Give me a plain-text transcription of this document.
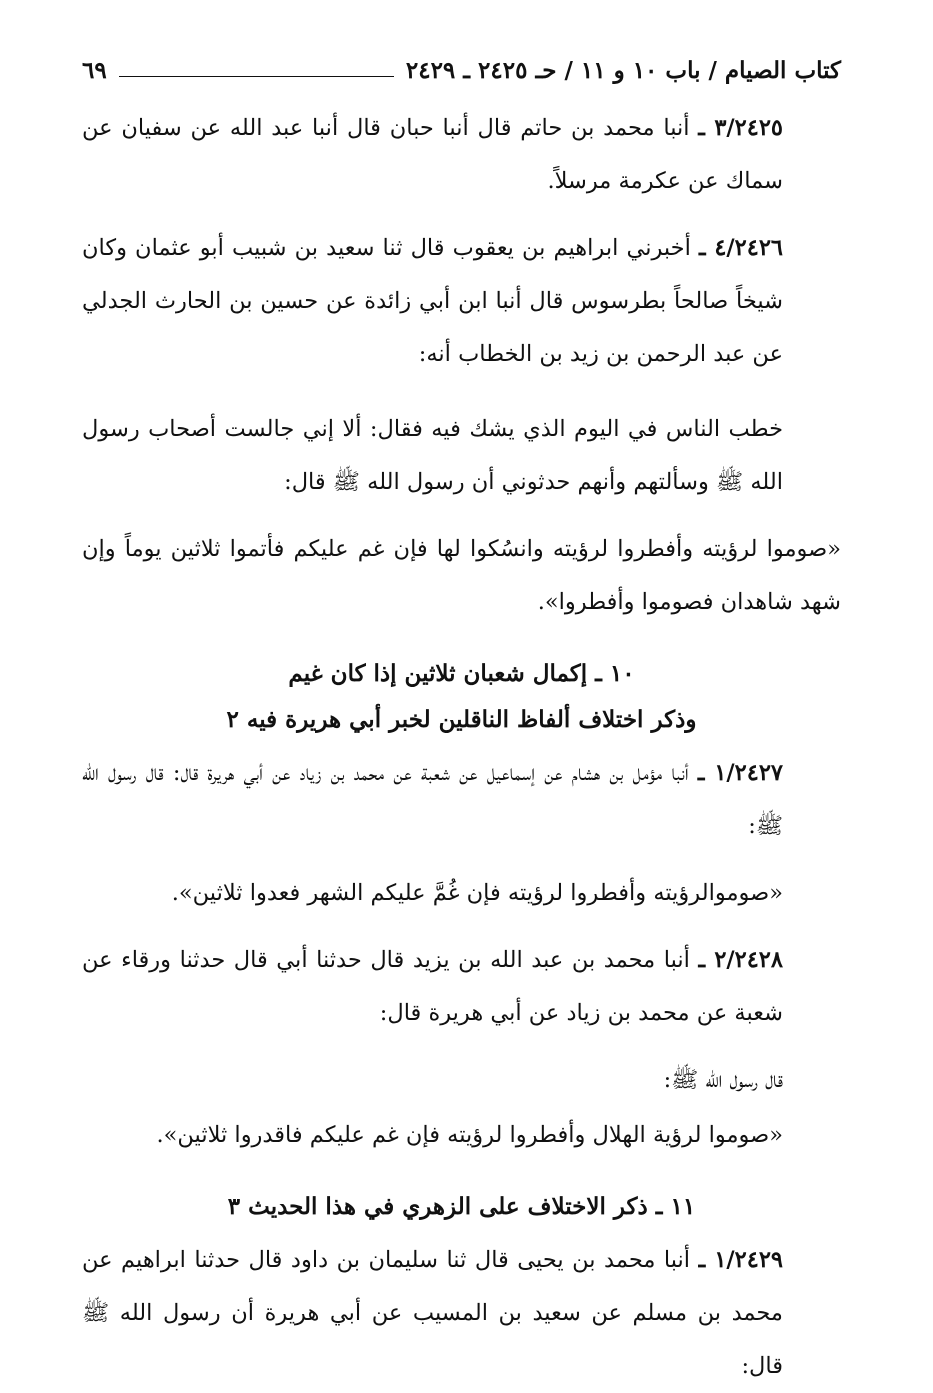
كتاب الصيام / باب ١٠ و ١١ / حـ ٢٤٢٥ ـ ٢٤٢٩
٦٩

٣/٢٤٢٥ ـ أنبا محمد بن حاتم قال أنبا حبان قال أنبا عبد الله عن سفيان عن سماك عن عكرمة مرسلاً.

٤/٢٤٢٦ ـ أخبرني ابراهيم بن يعقوب قال ثنا سعيد بن شبيب أبو عثمان وكان شيخاً صالحاً بطرسوس قال أنبا ابن أبي زائدة عن حسين بن الحارث الجدلي عن عبد الرحمن بن زيد بن الخطاب أنه:

خطب الناس في اليوم الذي يشك فيه فقال: ألا إني جالست أصحاب رسول الله ﷺ وسألتهم وأنهم حدثوني أن رسول الله ﷺ قال:

«صوموا لرؤيته وأفطروا لرؤيته وانسُكوا لها فإن غم عليكم فأتموا ثلاثين يوماً وإن شهد شاهدان فصوموا وأفطروا».

١٠ ـ إكمال شعبان ثلاثين إذا كان غيم

وذكر اختلاف ألفاظ الناقلين لخبر أبي هريرة فيه ٢

١/٢٤٢٧ ـ أنبا مؤمل بن هشام عن إسماعيل عن شعبة عن محمد بن زياد عن أبي هريرة قال: قال رسول الله ﷺ:

«صوموالرؤيته وأفطروا لرؤيته فإن غُمَّ عليكم الشهر فعدوا ثلاثين».

٢/٢٤٢٨ ـ أنبا محمد بن عبد الله بن يزيد قال حدثنا أبي قال حدثنا ورقاء عن شعبة عن محمد بن زياد عن أبي هريرة قال:

قال رسول الله ﷺ:

«صوموا لرؤية الهلال وأفطروا لرؤيته فإن غم عليكم فاقدروا ثلاثين».

١١ ـ ذكر الاختلاف على الزهري في هذا الحديث ٣

١/٢٤٢٩ ـ أنبا محمد بن يحيى قال ثنا سليمان بن داود قال حدثنا ابراهيم عن محمد بن مسلم عن سعيد بن المسيب عن أبي هريرة أن رسول الله ﷺ قال:
